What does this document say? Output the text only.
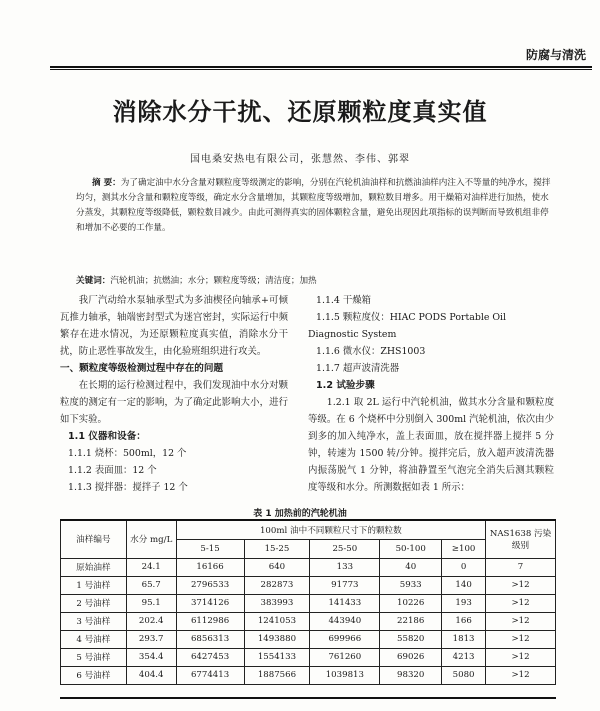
防腐与清洗
消除水分干扰、还原颗粒度真实值
国电桑安热电有限公司，张慧然、李伟、郭翠
摘 要：为了确定油中水分含量对颗粒度等级测定的影响，分别在汽轮机油油样和抗燃油油样内注入不等量的纯净水，搅拌均匀，测其水分含量和颗粒度等级，确定水分含量增加，其颗粒度等级增加，颗粒数目增多。用干燥箱对油样进行加热，使水分蒸发，其颗粒度等级降低，颗粒数目减少。由此可测得真实的固体颗粒含量，避免出现因此项指标的误判断而导致机组非停和增加不必要的工作量。
关键词：汽轮机油；抗燃油；水分；颗粒度等级；清洁度；加热

我厂汽动给水泵轴承型式为多油楔径向轴承+可倾瓦推力轴承，轴端密封型式为迷宫密封，实际运行中频繁存在进水情况，为还原颗粒度真实值，消除水分干扰，防止恶性事故发生，由化验班组织进行攻关。

一、颗粒度等级检测过程中存在的问题

在长期的运行检测过程中，我们发现油中水分对颗粒度的测定有一定的影响，为了确定此影响大小，进行如下实验。

1.1 仪器和设备：
1.1.1 烧杯：500ml，12 个
1.1.2 表面皿：12 个
1.1.3 搅拌器：搅拌子 12 个
1.1.4 干燥箱
1.1.5 颗粒度仪：HIAC PODS Portable Oil
Diagnostic System
1.1.6 微水仪：ZHS1003
1.1.7 超声波清洗器
1.2 试验步骤

1.2.1 取 2L 运行中汽轮机油，做其水分含量和颗粒度等级。在 6 个烧杯中分别倒入 300ml 汽轮机油，依次由少到多的加入纯净水，盖上表面皿，放在搅拌器上搅拌 5 分钟，转速为 1500 转/分钟。搅拌完后，放入超声波清洗器内振荡脱气 1 分钟，将油静置至气泡完全消失后测其颗粒度等级和水分。所测数据如表 1 所示：

表 1 加热前的汽轮机油
油样编号	水分 mg/L	100ml 油中不同颗粒尺寸下的颗粒数					NAS1638 污染级别
		5-15	15-25	25-50	50-100	≥100	
原始油样	24.1	16166	640	133	40	0	7
1 号油样	65.7	2796533	282873	91773	5933	140	>12
2 号油样	95.1	3714126	383993	141433	10226	193	>12
3 号油样	202.4	6112986	1241053	443940	22186	166	>12
4 号油样	293.7	6856313	1493880	699966	55820	1813	>12
5 号油样	354.4	6427453	1554133	761260	69026	4213	>12
6 号油样	404.4	6774413	1887566	1039813	98320	5080	>12
